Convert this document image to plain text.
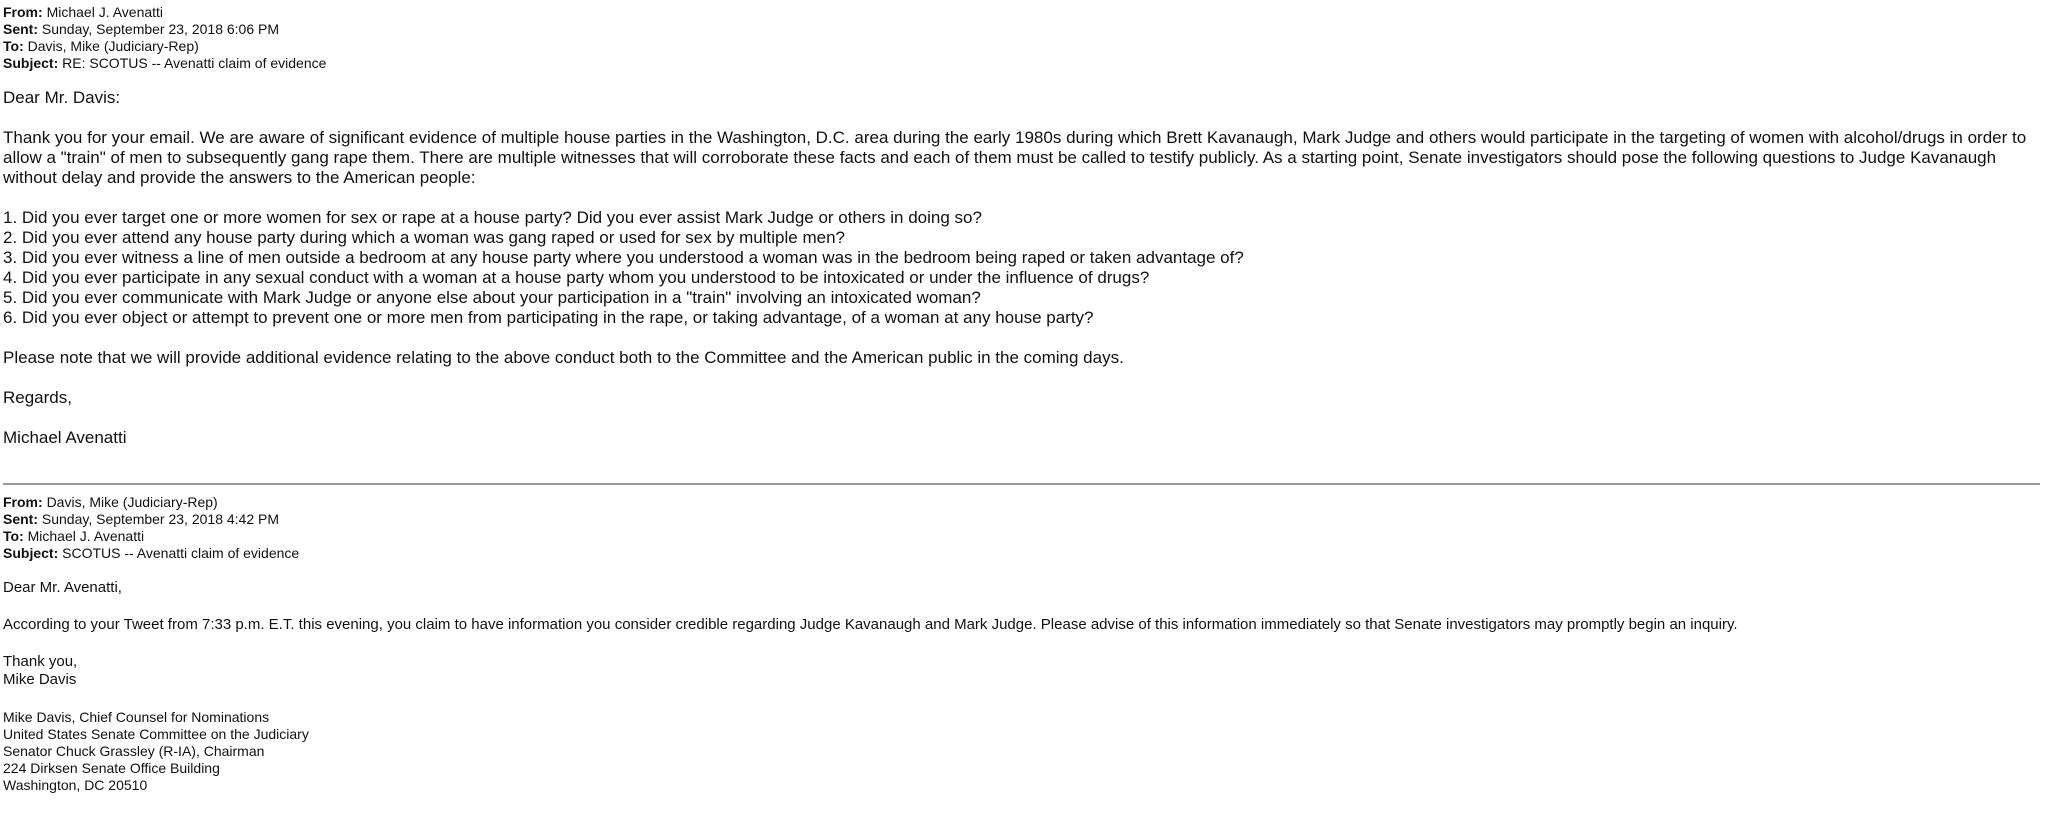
From: Michael J. Avenatti
Sent: Sunday, September 23, 2018 6:06 PM
To: Davis, Mike (Judiciary-Rep)
Subject: RE: SCOTUS -- Avenatti claim of evidence
Dear Mr. Davis:
Thank you for your email. We are aware of significant evidence of multiple house parties in the Washington, D.C. area during the early 1980s during which Brett Kavanaugh, Mark Judge and others would participate in the targeting of women with alcohol/drugs in order to allow a "train" of men to subsequently gang rape them. There are multiple witnesses that will corroborate these facts and each of them must be called to testify publicly. As a starting point, Senate investigators should pose the following questions to Judge Kavanaugh without delay and provide the answers to the American people:
1. Did you ever target one or more women for sex or rape at a house party? Did you ever assist Mark Judge or others in doing so?
2. Did you ever attend any house party during which a woman was gang raped or used for sex by multiple men?
3. Did you ever witness a line of men outside a bedroom at any house party where you understood a woman was in the bedroom being raped or taken advantage of?
4. Did you ever participate in any sexual conduct with a woman at a house party whom you understood to be intoxicated or under the influence of drugs?
5. Did you ever communicate with Mark Judge or anyone else about your participation in a "train" involving an intoxicated woman?
6. Did you ever object or attempt to prevent one or more men from participating in the rape, or taking advantage, of a woman at any house party?
Please note that we will provide additional evidence relating to the above conduct both to the Committee and the American public in the coming days.
Regards,
Michael Avenatti
From: Davis, Mike (Judiciary-Rep)
Sent: Sunday, September 23, 2018 4:42 PM
To: Michael J. Avenatti
Subject: SCOTUS -- Avenatti claim of evidence
Dear Mr. Avenatti,
According to your Tweet from 7:33 p.m. E.T. this evening, you claim to have information you consider credible regarding Judge Kavanaugh and Mark Judge. Please advise of this information immediately so that Senate investigators may promptly begin an inquiry.
Thank you,
Mike Davis
Mike Davis, Chief Counsel for Nominations
United States Senate Committee on the Judiciary
Senator Chuck Grassley (R-IA), Chairman
224 Dirksen Senate Office Building
Washington, DC 20510
